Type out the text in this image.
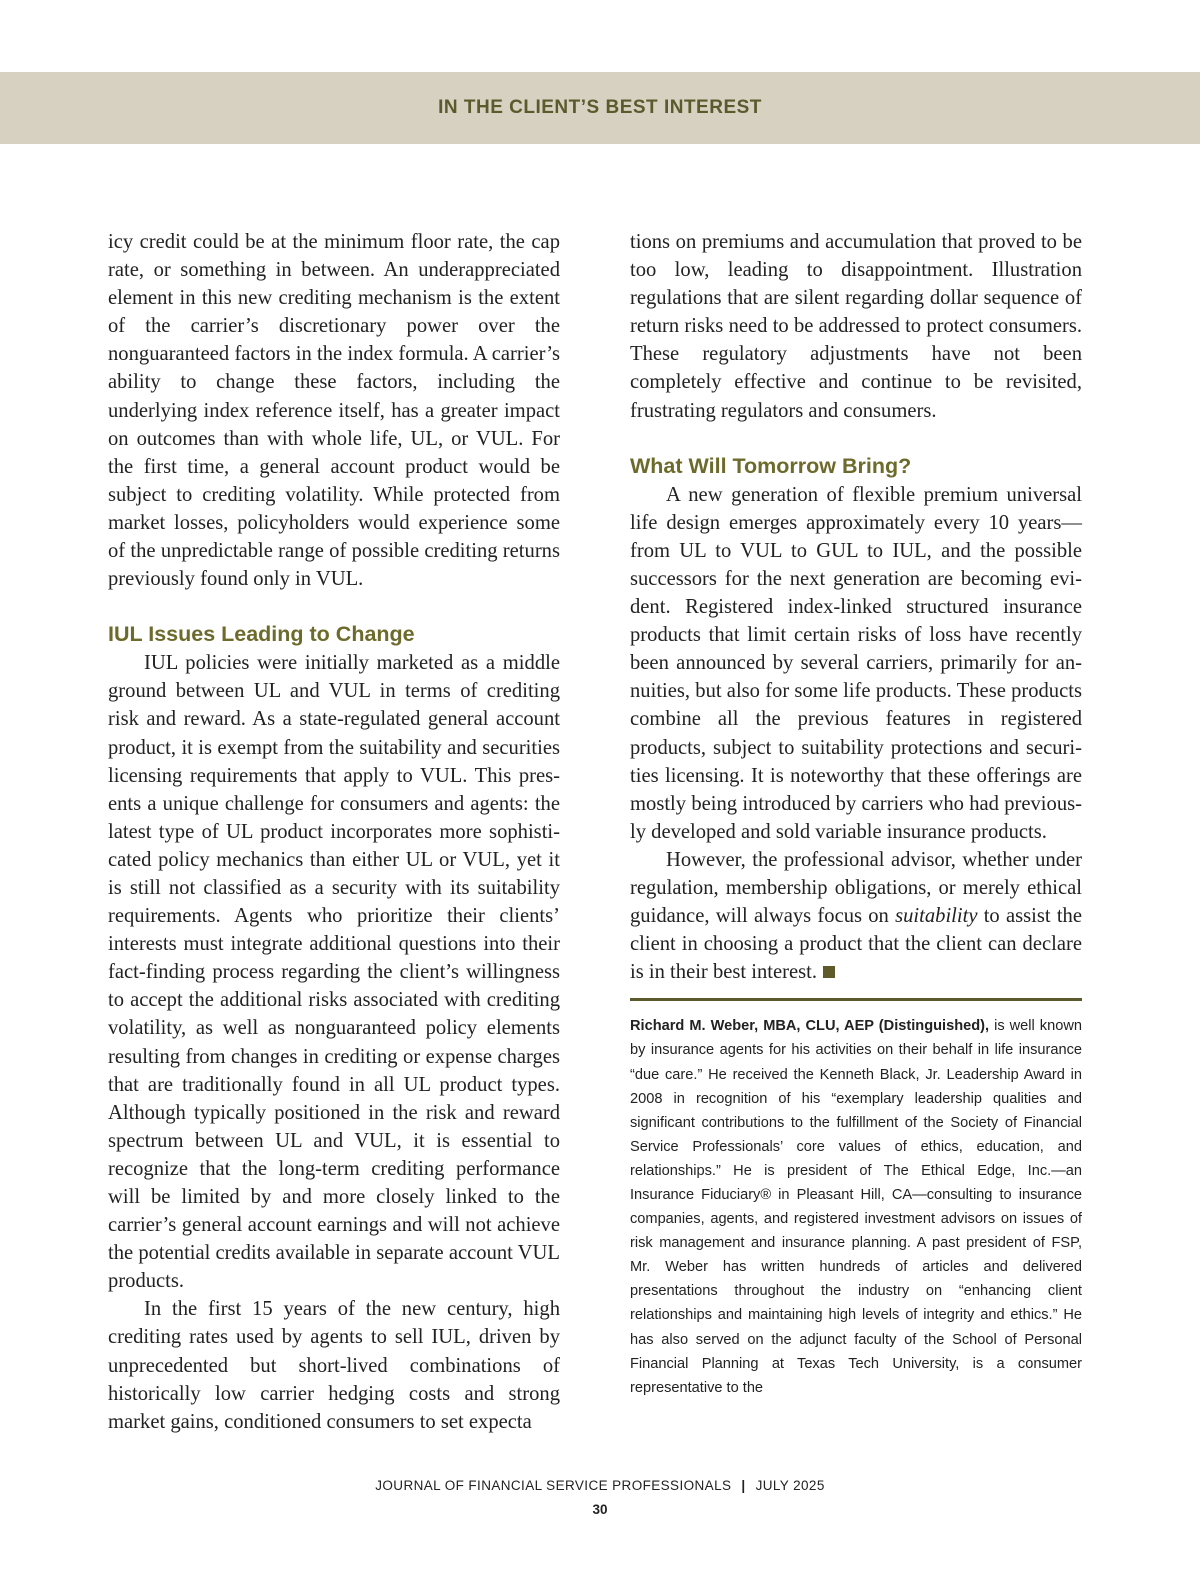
IN THE CLIENT’S BEST INTEREST

icy credit could be at the minimum floor rate, the cap rate, or something in between. An underappreciated element in this new crediting mechanism is the extent of the carrier’s discretionary power over the nonguaranteed factors in the index formula. A carrier’s ability to change these factors, including the underlying index reference itself, has a greater impact on outcomes than with whole life, UL, or VUL. For the first time, a general account product would be subject to crediting volatility. While protected from market losses, policyholders would experience some of the unpredictable range of possible crediting returns previously found only in VUL.

IUL Issues Leading to Change

IUL policies were initially marketed as a middle ground between UL and VUL in terms of crediting risk and reward. As a state-regulated general account product, it is exempt from the suitability and securities licensing requirements that apply to VUL. This presents a unique challenge for consumers and agents: the latest type of UL product incorporates more sophisticated policy mechanics than either UL or VUL, yet it is still not classified as a security with its suitability requirements. Agents who prioritize their clients’ interests must integrate additional questions into their fact-finding process regarding the client’s willingness to accept the additional risks associated with crediting volatility, as well as nonguaranteed policy elements resulting from changes in crediting or expense charges that are traditionally found in all UL product types. Although typically positioned in the risk and reward spectrum between UL and VUL, it is essential to recognize that the long-term crediting performance will be limited by and more closely linked to the carrier’s general account earnings and will not achieve the potential credits available in separate account VUL products.

In the first 15 years of the new century, high crediting rates used by agents to sell IUL, driven by unprecedented but short-lived combinations of historically low carrier hedging costs and strong market gains, conditioned consumers to set expecta

tions on premiums and accumulation that proved to be too low, leading to disappointment. Illustration regulations that are silent regarding dollar sequence of return risks need to be addressed to protect consumers. These regulatory adjustments have not been completely effective and continue to be revisited, frustrating regulators and consumers.

What Will Tomorrow Bring?

A new generation of flexible premium universal life design emerges approximately every 10 years—from UL to VUL to GUL to IUL, and the possible successors for the next generation are becoming evident. Registered index-linked structured insurance products that limit certain risks of loss have recently been announced by several carriers, primarily for annuities, but also for some life products. These products combine all the previous features in registered products, subject to suitability protections and securities licensing. It is noteworthy that these offerings are mostly being introduced by carriers who had previously developed and sold variable insurance products.

However, the professional advisor, whether under regulation, membership obligations, or merely ethical guidance, will always focus on suitability to assist the client in choosing a product that the client can declare is in their best interest.

Richard M. Weber, MBA, CLU, AEP (Distinguished), is well known by insurance agents for his activities on their behalf in life insurance “due care.” He received the Kenneth Black, Jr. Leadership Award in 2008 in recognition of his “exemplary leadership qualities and significant contributions to the fulfillment of the Society of Financial Service Professionals’ core values of ethics, education, and relationships.” He is president of The Ethical Edge, Inc.—an Insurance Fiduciary® in Pleasant Hill, CA—consulting to insurance companies, agents, and registered investment advisors on issues of risk management and insurance planning. A past president of FSP, Mr. Weber has written hundreds of articles and delivered presentations throughout the industry on “enhancing client relationships and maintaining high levels of integrity and ethics.” He has also served on the adjunct faculty of the School of Personal Financial Planning at Texas Tech University, is a consumer representative to the

JOURNAL OF FINANCIAL SERVICE PROFESSIONALS | JULY 2025
30
